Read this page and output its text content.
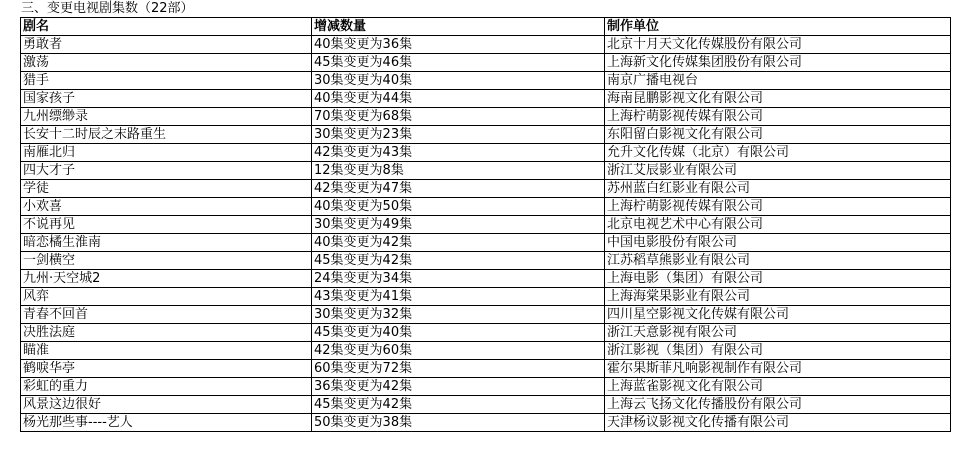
三、变更电视剧集数（22部）
剧名	增减数量	制作单位
勇敢者	40集变更为36集	北京十月天文化传媒股份有限公司
激荡	45集变更为46集	上海新文化传媒集团股份有限公司
猎手	30集变更为40集	南京广播电视台
国家孩子	40集变更为44集	海南昆鹏影视文化有限公司
九州缥缈录	70集变更为68集	上海柠萌影视传媒有限公司
长安十二时辰之末路重生	30集变更为23集	东阳留白影视文化有限公司
南雁北归	42集变更为43集	允升文化传媒（北京）有限公司
四大才子	12集变更为8集	浙江艾辰影业有限公司
学徒	42集变更为47集	苏州蓝白红影业有限公司
小欢喜	40集变更为50集	上海柠萌影视传媒有限公司
不说再见	30集变更为49集	北京电视艺术中心有限公司
暗恋橘生淮南	40集变更为42集	中国电影股份有限公司
一剑横空	45集变更为42集	江苏稻草熊影业有限公司
九州·天空城2	24集变更为34集	上海电影（集团）有限公司
风弈	43集变更为41集	上海海棠果影业有限公司
青春不回首	30集变更为32集	四川星空影视文化传媒有限公司
决胜法庭	45集变更为40集	浙江天意影视有限公司
瞄准	42集变更为60集	浙江影视（集团）有限公司
鹤唳华亭	60集变更为72集	霍尔果斯菲凡响影视制作有限公司
彩虹的重力	36集变更为42集	上海蓝雀影视文化有限公司
风景这边很好	45集变更为42集	上海云飞扬文化传播股份有限公司
杨光那些事----艺人	50集变更为38集	天津杨议影视文化传播有限公司
